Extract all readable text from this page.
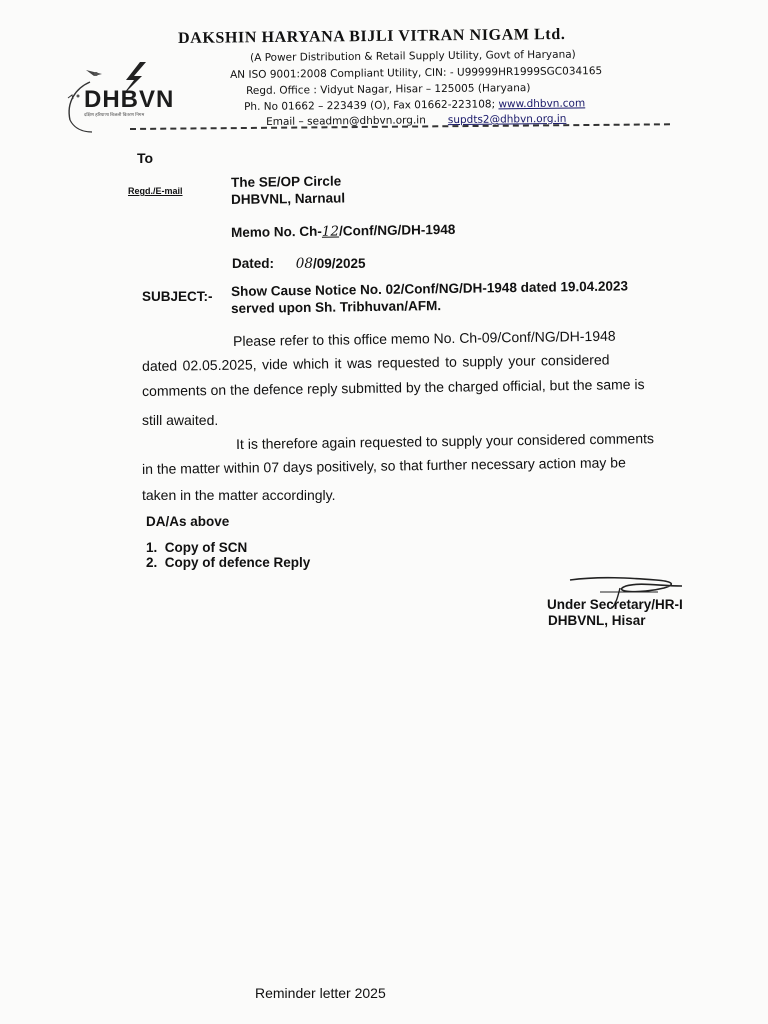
DHBVN
दक्षिण हरियाणा बिजली वितरण निगम
DAKSHIN HARYANA BIJLI VITRAN NIGAM Ltd.
(A Power Distribution & Retail Supply Utility, Govt of Haryana)
AN ISO 9001:2008 Compliant Utility, CIN: - U99999HR1999SGC034165
Regd. Office : Vidyut Nagar, Hisar – 125005 (Haryana)
Ph. No 01662 – 223439 (O), Fax 01662-223108; www.dhbvn.com
Email – seadmn@dhbvn.org.in supdts2@dhbvn.org.in
To
Regd./E-mail
The SE/OP Circle
DHBVNL, Narnaul
Memo No. Ch-12/Conf/NG/DH-1948
Dated: 08/09/2025
SUBJECT:- Show Cause Notice No. 02/Conf/NG/DH-1948 dated 19.04.2023
served upon Sh. Tribhuvan/AFM.
Please refer to this office memo No. Ch-09/Conf/NG/DH-1948
dated 02.05.2025, vide which it was requested to supply your considered
comments on the defence reply submitted by the charged official, but the same is
still awaited.
It is therefore again requested to supply your considered comments
in the matter within 07 days positively, so that further necessary action may be
taken in the matter accordingly.
DA/As above
1.  Copy of SCN
2.  Copy of defence Reply
Under Secretary/HR-I
DHBVNL, Hisar
Reminder letter 2025
